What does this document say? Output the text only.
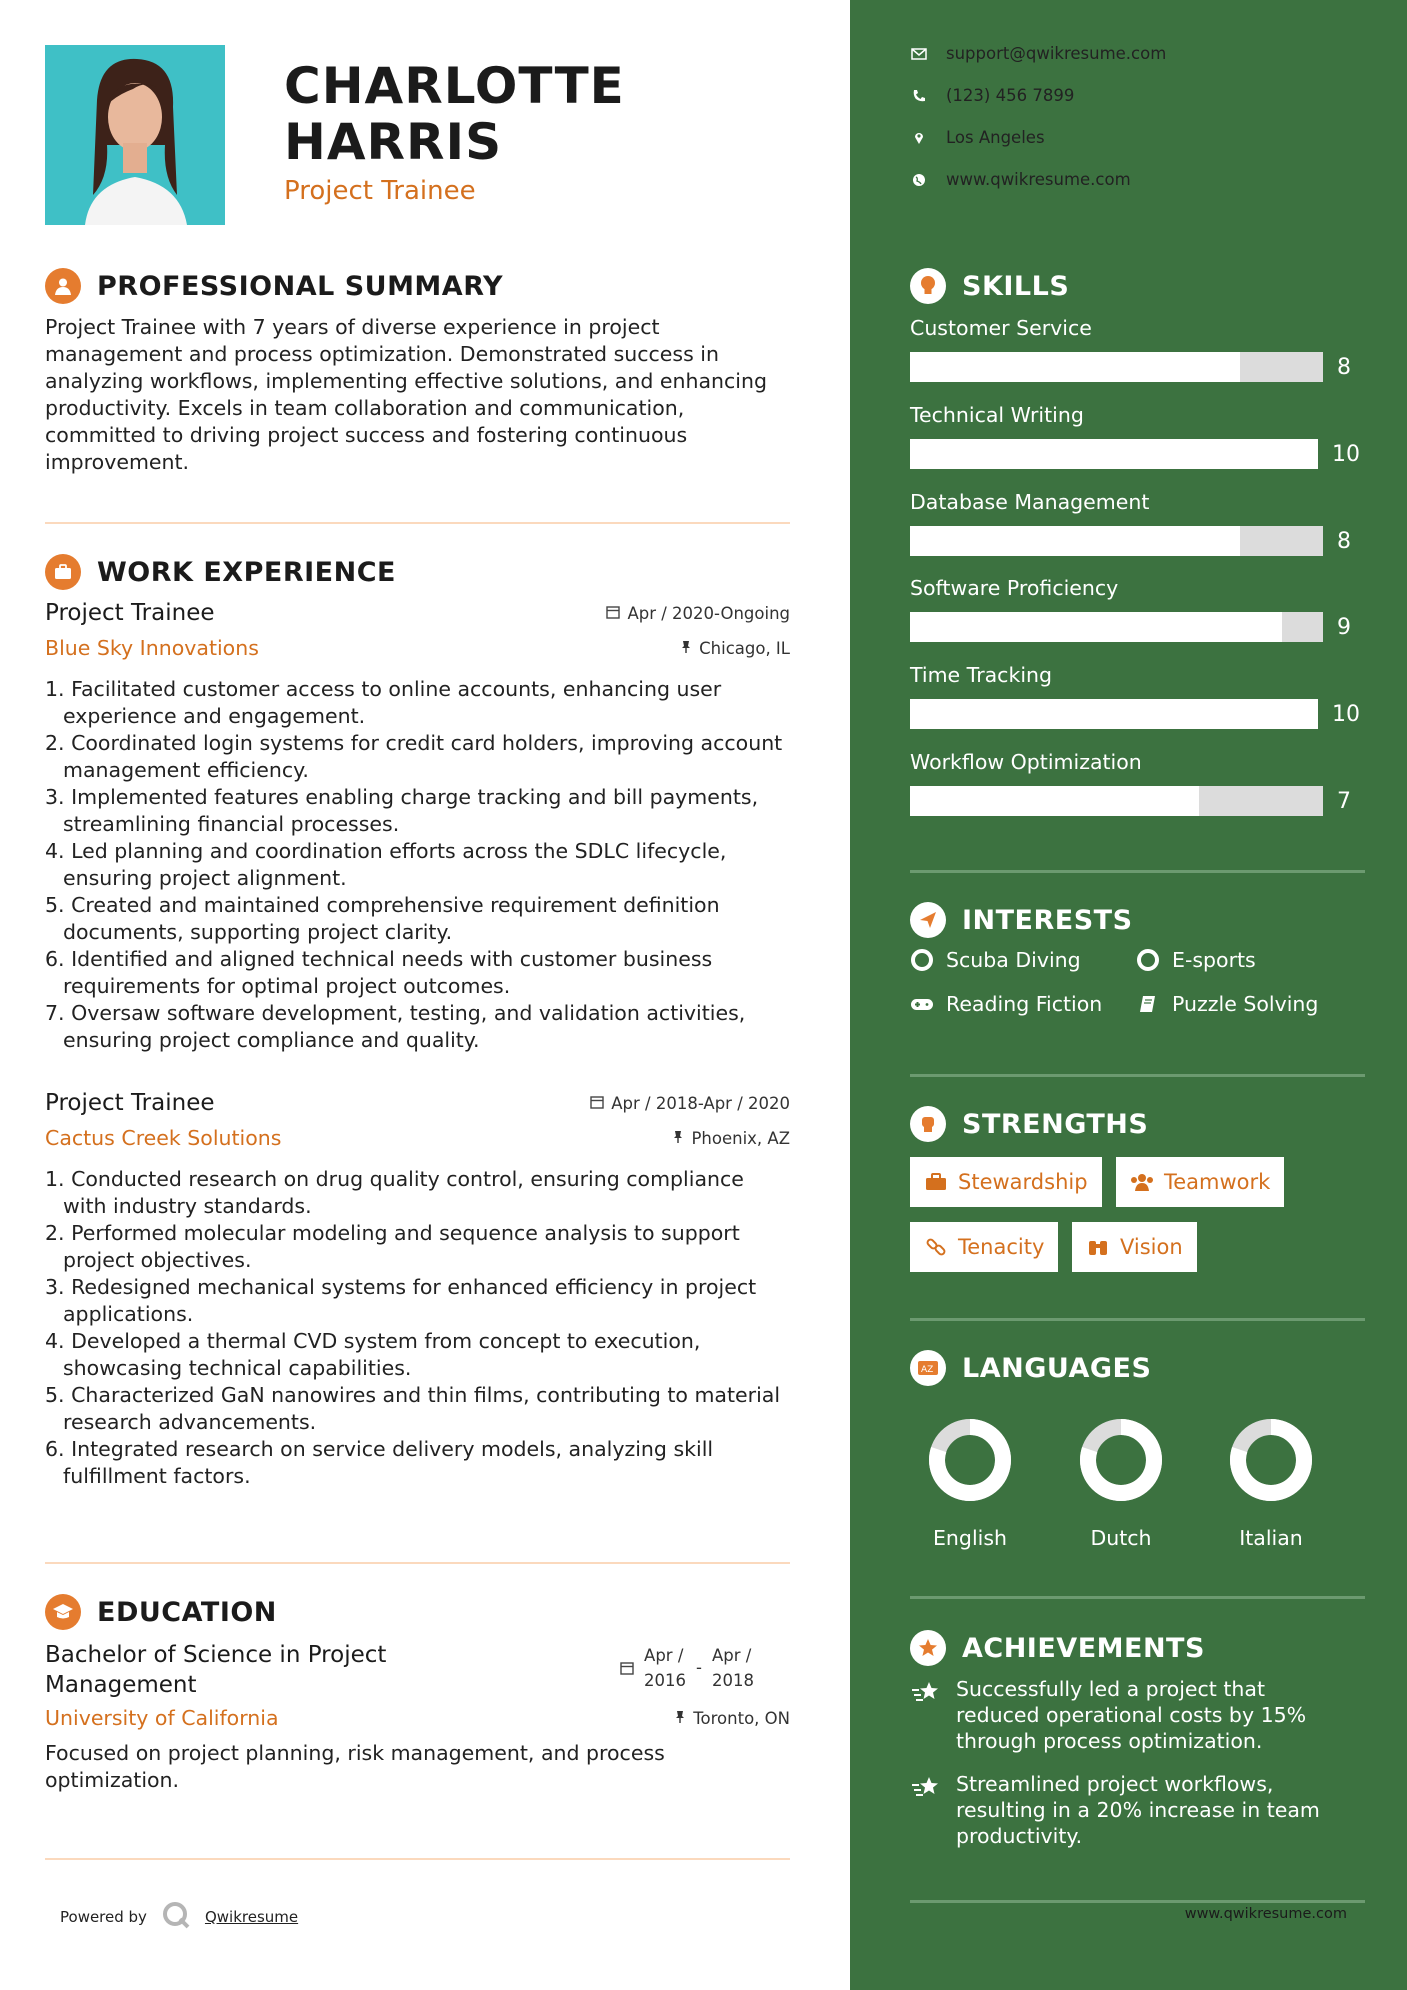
CHARLOTTE
HARRIS
Project Trainee
PROFESSIONAL SUMMARY
Project Trainee with 7 years of diverse experience in project management and process optimization. Demonstrated success in analyzing workflows, implementing effective solutions, and enhancing productivity. Excels in team collaboration and communication, committed to driving project success and fostering continuous improvement.
WORK EXPERIENCE
Project Trainee	Apr / 2020-Ongoing
Blue Sky Innovations	Chicago, IL
1. Facilitated customer access to online accounts, enhancing user experience and engagement.
2. Coordinated login systems for credit card holders, improving account management efficiency.
3. Implemented features enabling charge tracking and bill payments, streamlining financial processes.
4. Led planning and coordination efforts across the SDLC lifecycle, ensuring project alignment.
5. Created and maintained comprehensive requirement definition documents, supporting project clarity.
6. Identified and aligned technical needs with customer business requirements for optimal project outcomes.
7. Oversaw software development, testing, and validation activities, ensuring project compliance and quality.
Project Trainee	Apr / 2018-Apr / 2020
Cactus Creek Solutions	Phoenix, AZ
1. Conducted research on drug quality control, ensuring compliance with industry standards.
2. Performed molecular modeling and sequence analysis to support project objectives.
3. Redesigned mechanical systems for enhanced efficiency in project applications.
4. Developed a thermal CVD system from concept to execution, showcasing technical capabilities.
5. Characterized GaN nanowires and thin films, contributing to material research advancements.
6. Integrated research on service delivery models, analyzing skill fulfillment factors.
EDUCATION
Bachelor of Science in Project
Management
Apr /
2016
-
Apr /
2018
University of California	Toronto, ON
Focused on project planning, risk management, and process optimization.
Powered by	Qwikresume
support@qwikresume.com
(123) 456 7899
Los Angeles
www.qwikresume.com
SKILLS
Customer Service
8
Technical Writing
10
Database Management
8
Software Proficiency
9
Time Tracking
10
Workflow Optimization
7
INTERESTS
Scuba Diving	E-sports
Reading Fiction	Puzzle Solving
STRENGTHS
Stewardship	Teamwork
Tenacity	Vision
AZ LANGUAGES
English	Dutch	Italian
ACHIEVEMENTS
Successfully led a project that reduced operational costs by 15% through process optimization.
Streamlined project workflows, resulting in a 20% increase in team productivity.
www.qwikresume.com
